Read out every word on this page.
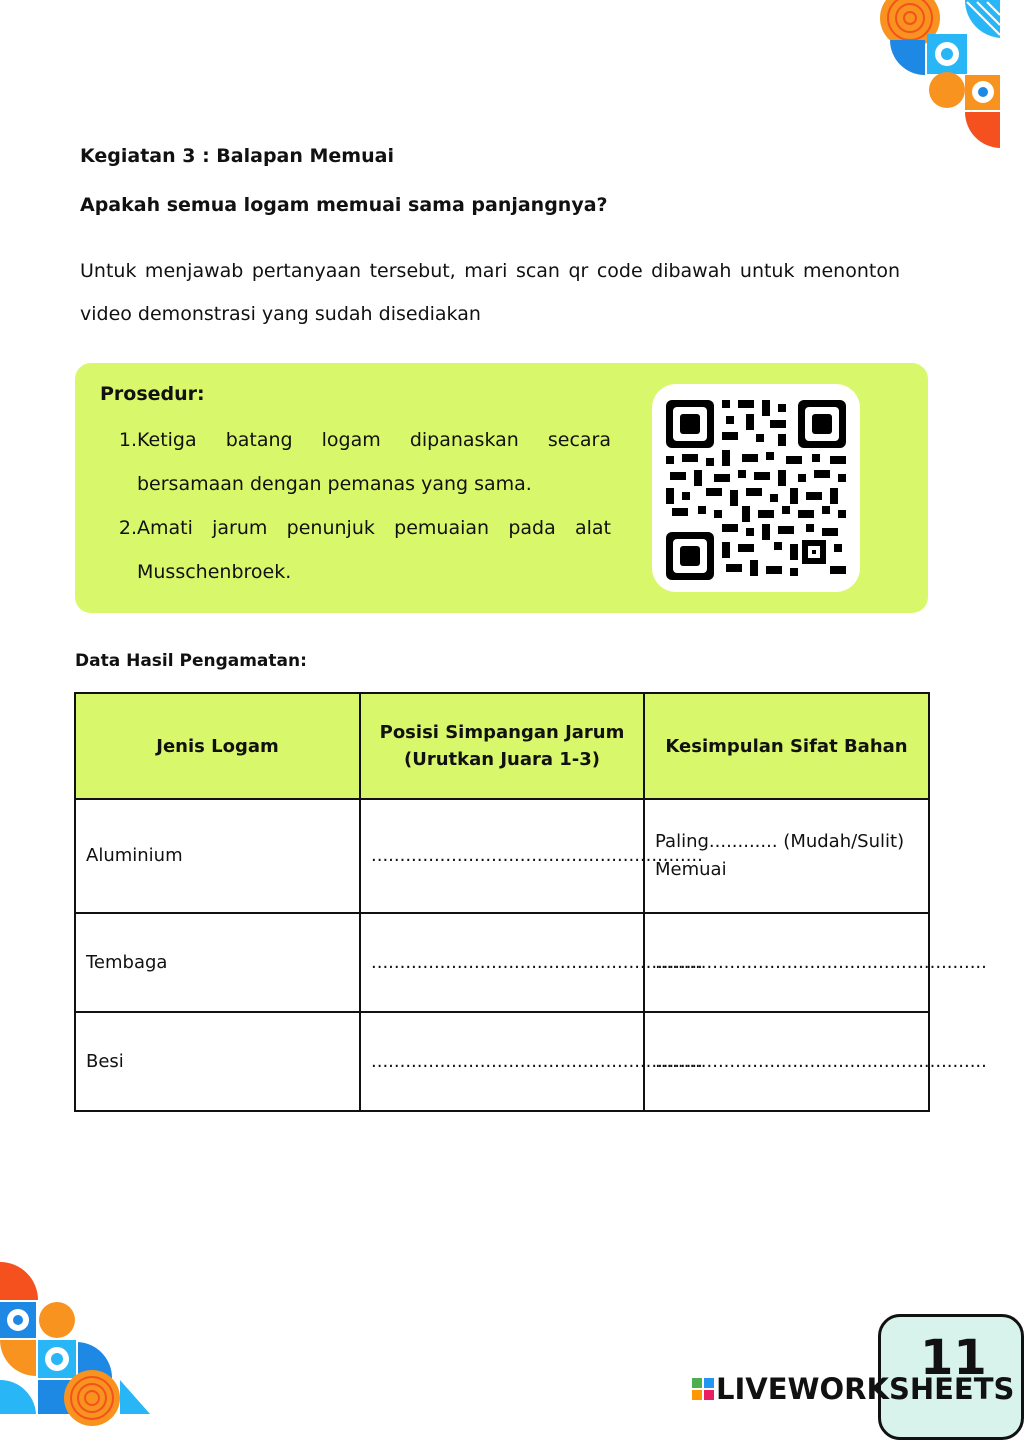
Kegiatan 3 : Balapan Memuai
Apakah semua logam memuai sama panjangnya?
Untuk menjawab pertanyaan tersebut, mari scan qr code dibawah untuk menonton video demonstrasi yang sudah disediakan
Prosedur:
1. Ketiga batang logam dipanaskan secara bersamaan dengan pemanas yang sama.
2. Amati jarum penunjuk pemuaian pada alat Musschenbroek.
Data Hasil Pengamatan:
Jenis Logam	Posisi Simpangan Jarum (Urutkan Juara 1-3)	Kesimpulan Sifat Bahan
Aluminium	..........................................................	Paling............ (Mudah/Sulit) Memuai
Tembaga	..........................................................	..........................................................
Besi	..........................................................	..........................................................
11
LIVEWORKSHEETS
